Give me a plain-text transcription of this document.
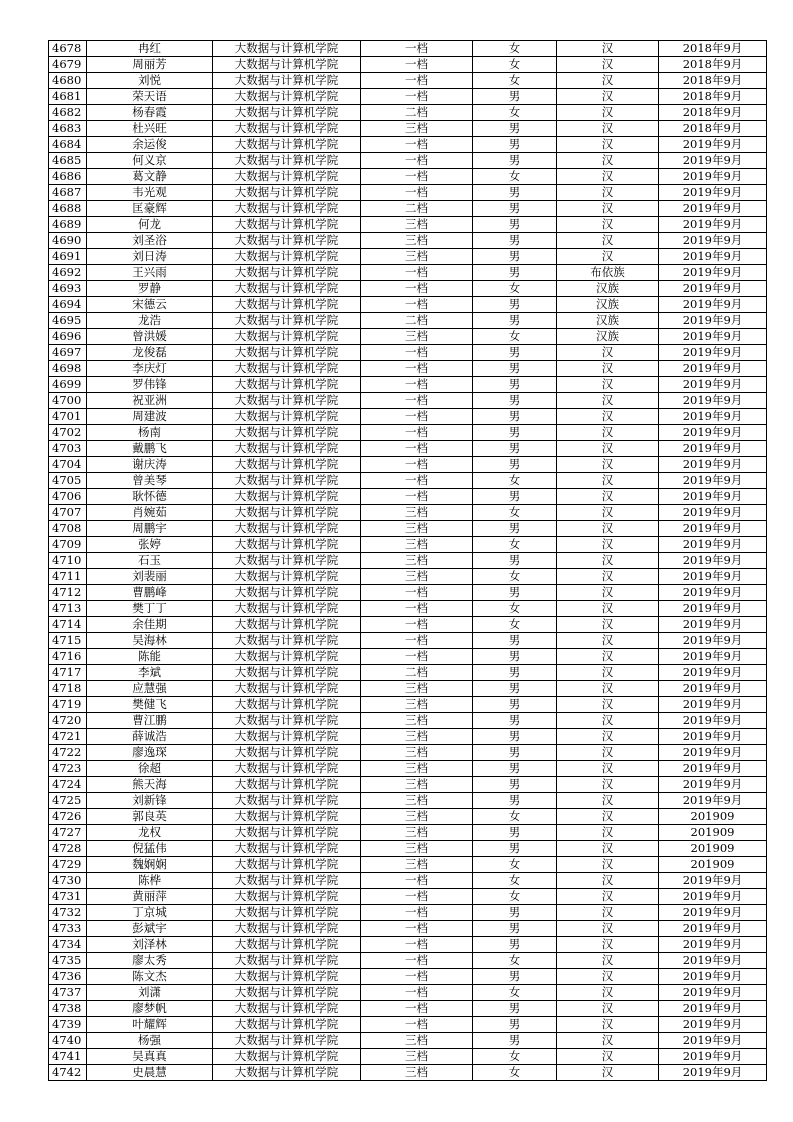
4678	冉红	大数据与计算机学院	一档	女	汉	2018年9月
4679	周丽芳	大数据与计算机学院	一档	女	汉	2018年9月
4680	刘悦	大数据与计算机学院	一档	女	汉	2018年9月
4681	荣天语	大数据与计算机学院	一档	男	汉	2018年9月
4682	杨春霞	大数据与计算机学院	二档	女	汉	2018年9月
4683	杜兴旺	大数据与计算机学院	三档	男	汉	2018年9月
4684	余运俊	大数据与计算机学院	一档	男	汉	2019年9月
4685	何义京	大数据与计算机学院	一档	男	汉	2019年9月
4686	葛文静	大数据与计算机学院	一档	女	汉	2019年9月
4687	韦光观	大数据与计算机学院	一档	男	汉	2019年9月
4688	匡豪辉	大数据与计算机学院	二档	男	汉	2019年9月
4689	何龙	大数据与计算机学院	三档	男	汉	2019年9月
4690	刘圣浴	大数据与计算机学院	三档	男	汉	2019年9月
4691	刘日涛	大数据与计算机学院	三档	男	汉	2019年9月
4692	王兴雨	大数据与计算机学院	一档	男	布依族	2019年9月
4693	罗静	大数据与计算机学院	一档	女	汉族	2019年9月
4694	宋德云	大数据与计算机学院	一档	男	汉族	2019年9月
4695	龙浩	大数据与计算机学院	二档	男	汉族	2019年9月
4696	曾洪媛	大数据与计算机学院	三档	女	汉族	2019年9月
4697	龙俊磊	大数据与计算机学院	一档	男	汉	2019年9月
4698	李庆灯	大数据与计算机学院	一档	男	汉	2019年9月
4699	罗伟锋	大数据与计算机学院	一档	男	汉	2019年9月
4700	祝亚洲	大数据与计算机学院	一档	男	汉	2019年9月
4701	周建波	大数据与计算机学院	一档	男	汉	2019年9月
4702	杨南	大数据与计算机学院	一档	男	汉	2019年9月
4703	戴鹏飞	大数据与计算机学院	一档	男	汉	2019年9月
4704	谢庆涛	大数据与计算机学院	一档	男	汉	2019年9月
4705	曾美琴	大数据与计算机学院	一档	女	汉	2019年9月
4706	耿怀德	大数据与计算机学院	一档	男	汉	2019年9月
4707	肖婉茹	大数据与计算机学院	三档	女	汉	2019年9月
4708	周鹏宇	大数据与计算机学院	三档	男	汉	2019年9月
4709	张婷	大数据与计算机学院	三档	女	汉	2019年9月
4710	石玉	大数据与计算机学院	三档	男	汉	2019年9月
4711	刘裴丽	大数据与计算机学院	三档	女	汉	2019年9月
4712	曹鹏峰	大数据与计算机学院	一档	男	汉	2019年9月
4713	樊丁丁	大数据与计算机学院	一档	女	汉	2019年9月
4714	余佳期	大数据与计算机学院	一档	女	汉	2019年9月
4715	吴海林	大数据与计算机学院	一档	男	汉	2019年9月
4716	陈能	大数据与计算机学院	一档	男	汉	2019年9月
4717	李斌	大数据与计算机学院	二档	男	汉	2019年9月
4718	应慧强	大数据与计算机学院	三档	男	汉	2019年9月
4719	樊健飞	大数据与计算机学院	三档	男	汉	2019年9月
4720	曹江鹏	大数据与计算机学院	三档	男	汉	2019年9月
4721	薛诚浩	大数据与计算机学院	三档	男	汉	2019年9月
4722	廖逸琛	大数据与计算机学院	三档	男	汉	2019年9月
4723	徐超	大数据与计算机学院	三档	男	汉	2019年9月
4724	熊天海	大数据与计算机学院	三档	男	汉	2019年9月
4725	刘新锋	大数据与计算机学院	三档	男	汉	2019年9月
4726	郭良英	大数据与计算机学院	三档	女	汉	201909
4727	龙权	大数据与计算机学院	三档	男	汉	201909
4728	倪猛伟	大数据与计算机学院	三档	男	汉	201909
4729	魏娴娴	大数据与计算机学院	三档	女	汉	201909
4730	陈桦	大数据与计算机学院	一档	女	汉	2019年9月
4731	黄丽萍	大数据与计算机学院	一档	女	汉	2019年9月
4732	丁京城	大数据与计算机学院	一档	男	汉	2019年9月
4733	彭斌宇	大数据与计算机学院	一档	男	汉	2019年9月
4734	刘泽林	大数据与计算机学院	一档	男	汉	2019年9月
4735	廖太秀	大数据与计算机学院	一档	女	汉	2019年9月
4736	陈文杰	大数据与计算机学院	一档	男	汉	2019年9月
4737	刘潇	大数据与计算机学院	一档	女	汉	2019年9月
4738	廖梦帆	大数据与计算机学院	一档	男	汉	2019年9月
4739	叶耀辉	大数据与计算机学院	一档	男	汉	2019年9月
4740	杨强	大数据与计算机学院	三档	男	汉	2019年9月
4741	吴真真	大数据与计算机学院	三档	女	汉	2019年9月
4742	史晨慧	大数据与计算机学院	三档	女	汉	2019年9月
